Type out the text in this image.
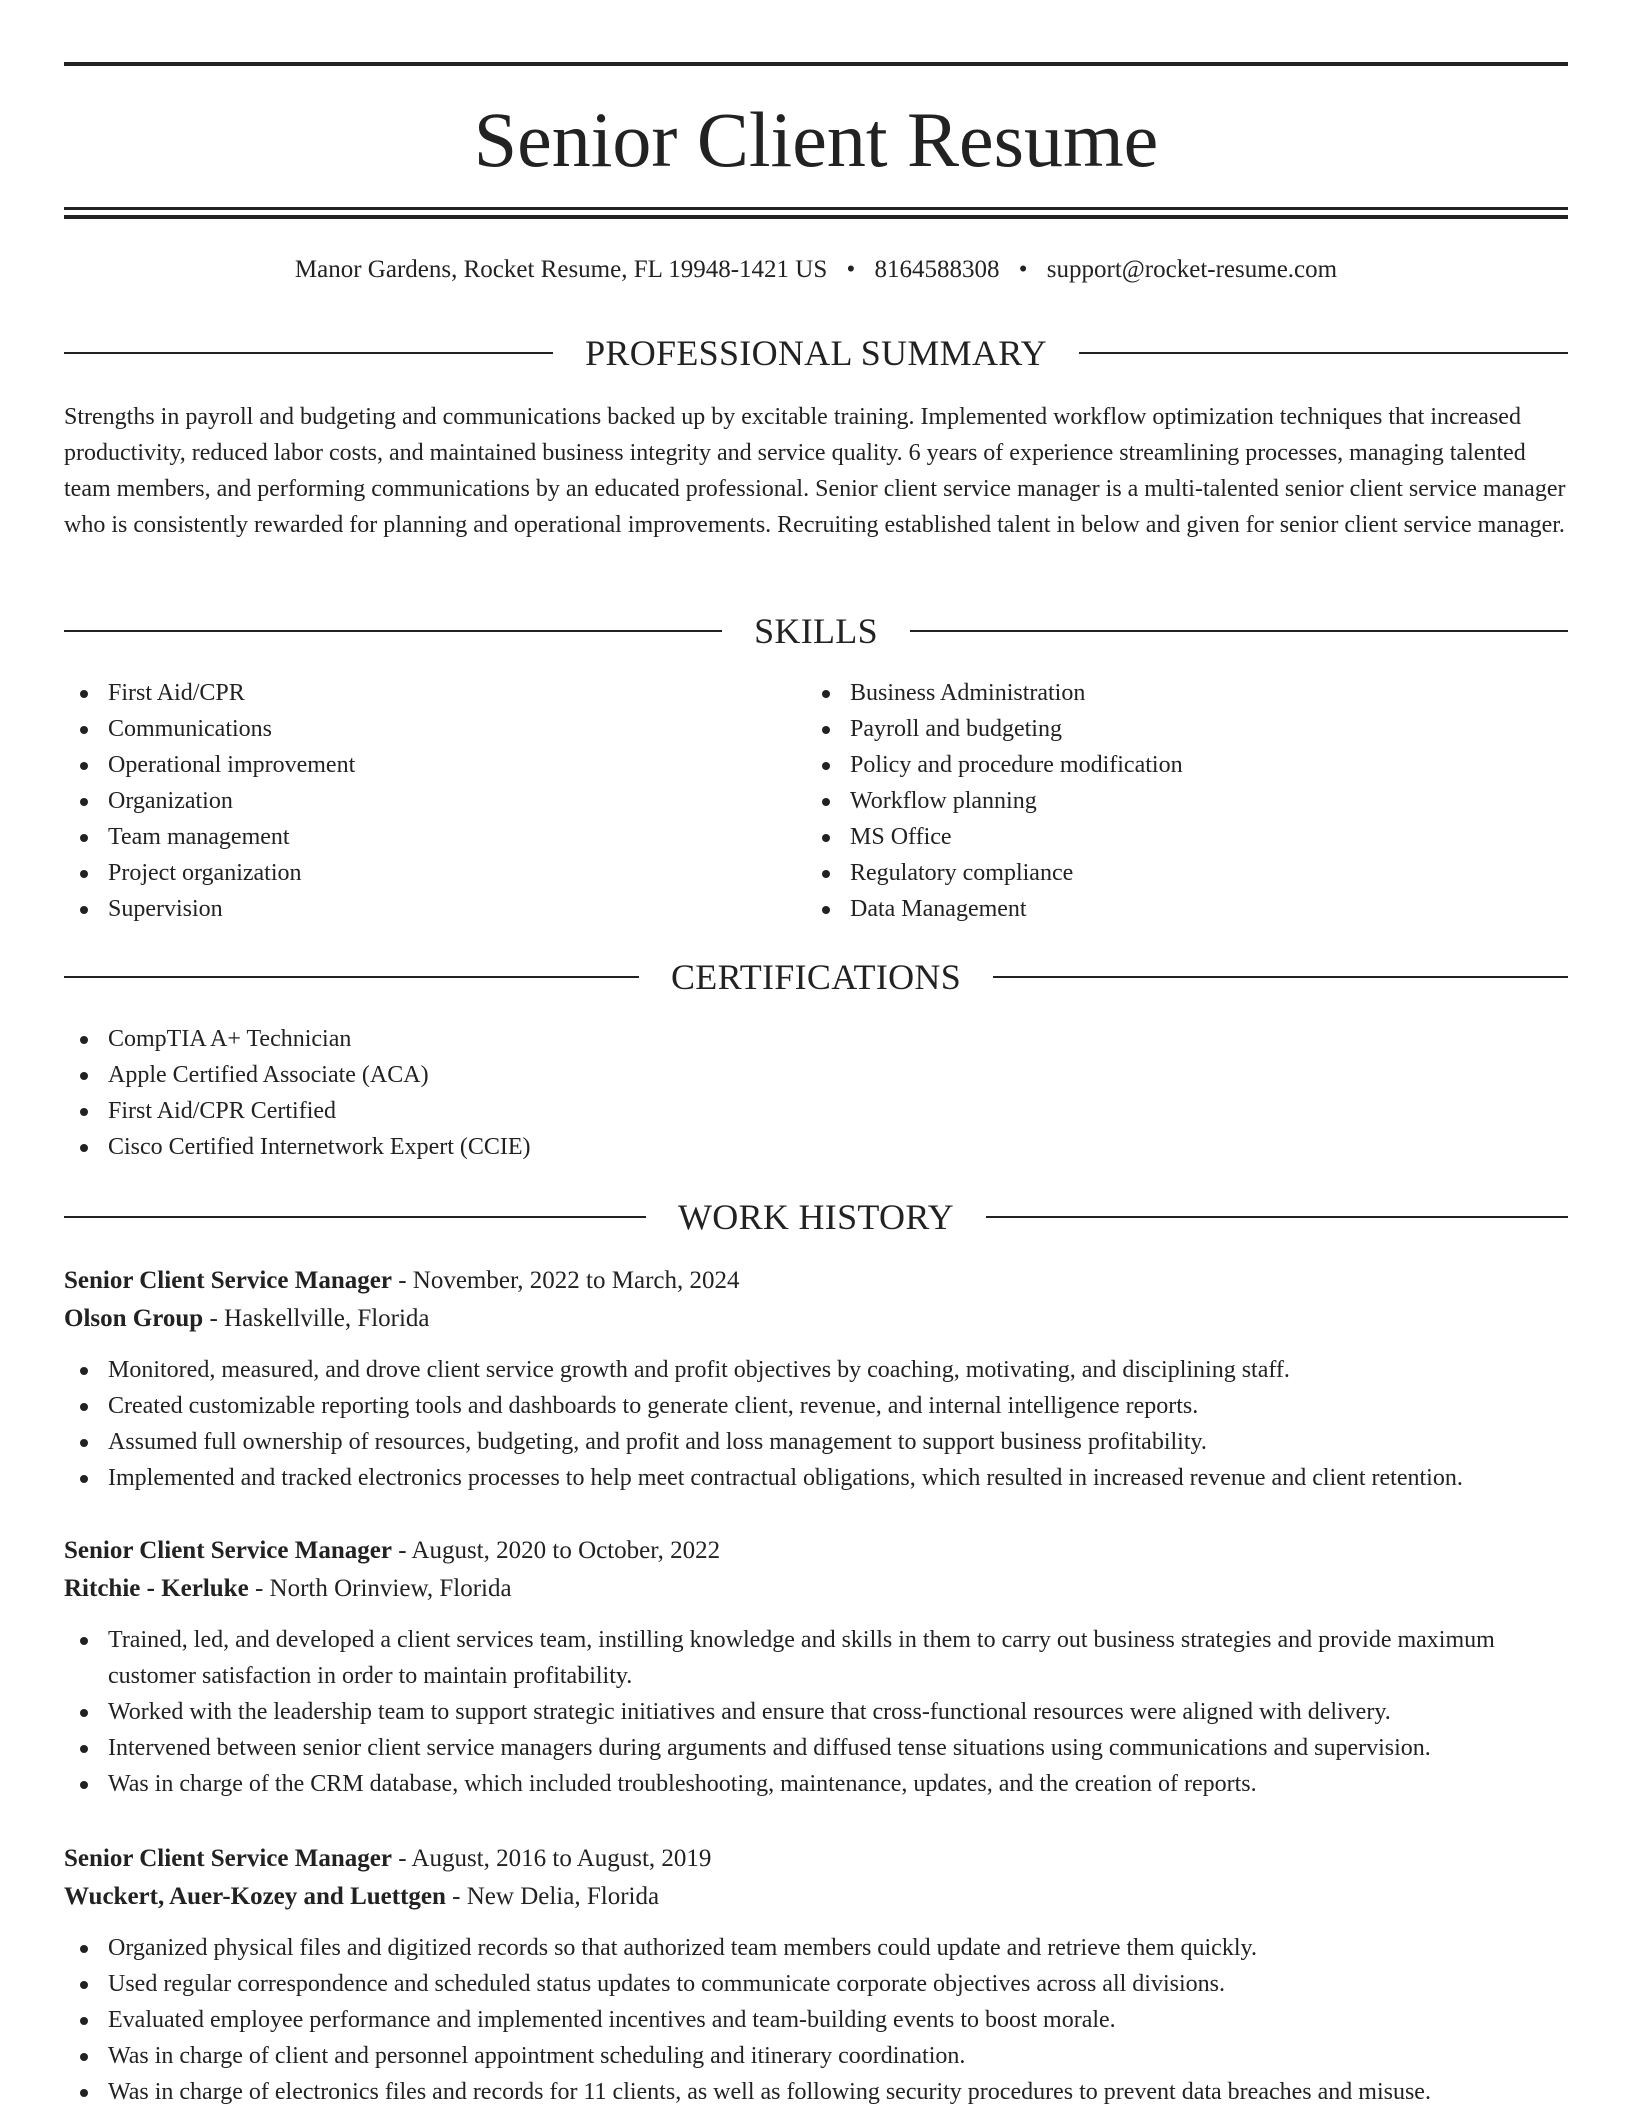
Senior Client Resume
Manor Gardens, Rocket Resume, FL 19948-1421 US • 8164588308 • support@rocket-resume.com
PROFESSIONAL SUMMARY

Strengths in payroll and budgeting and communications backed up by excitable training. Implemented workflow optimization techniques that increased productivity, reduced labor costs, and maintained business integrity and service quality. 6 years of experience streamlining processes, managing talented team members, and performing communications by an educated professional. Senior client service manager is a multi-talented senior client service manager who is consistently rewarded for planning and operational improvements. Recruiting established talent in below and given for senior client service manager.

SKILLS
First Aid/CPR
Communications
Operational improvement
Organization
Team management
Project organization
Supervision
Business Administration
Payroll and budgeting
Policy and procedure modification
Workflow planning
MS Office
Regulatory compliance
Data Management
CERTIFICATIONS
CompTIA A+ Technician
Apple Certified Associate (ACA)
First Aid/CPR Certified
Cisco Certified Internetwork Expert (CCIE)
WORK HISTORY

Senior Client Service Manager - November, 2022 to March, 2024

Olson Group - Haskellville, Florida

Monitored, measured, and drove client service growth and profit objectives by coaching, motivating, and disciplining staff.
Created customizable reporting tools and dashboards to generate client, revenue, and internal intelligence reports.
Assumed full ownership of resources, budgeting, and profit and loss management to support business profitability.
Implemented and tracked electronics processes to help meet contractual obligations, which resulted in increased revenue and client retention.

Senior Client Service Manager - August, 2020 to October, 2022

Ritchie - Kerluke - North Orinview, Florida

Trained, led, and developed a client services team, instilling knowledge and skills in them to carry out business strategies and provide maximum customer satisfaction in order to maintain profitability.
Worked with the leadership team to support strategic initiatives and ensure that cross-functional resources were aligned with delivery.
Intervened between senior client service managers during arguments and diffused tense situations using communications and supervision.
Was in charge of the CRM database, which included troubleshooting, maintenance, updates, and the creation of reports.

Senior Client Service Manager - August, 2016 to August, 2019

Wuckert, Auer-Kozey and Luettgen - New Delia, Florida

Organized physical files and digitized records so that authorized team members could update and retrieve them quickly.
Used regular correspondence and scheduled status updates to communicate corporate objectives across all divisions.
Evaluated employee performance and implemented incentives and team-building events to boost morale.
Was in charge of client and personnel appointment scheduling and itinerary coordination.
Was in charge of electronics files and records for 11 clients, as well as following security procedures to prevent data breaches and misuse.
